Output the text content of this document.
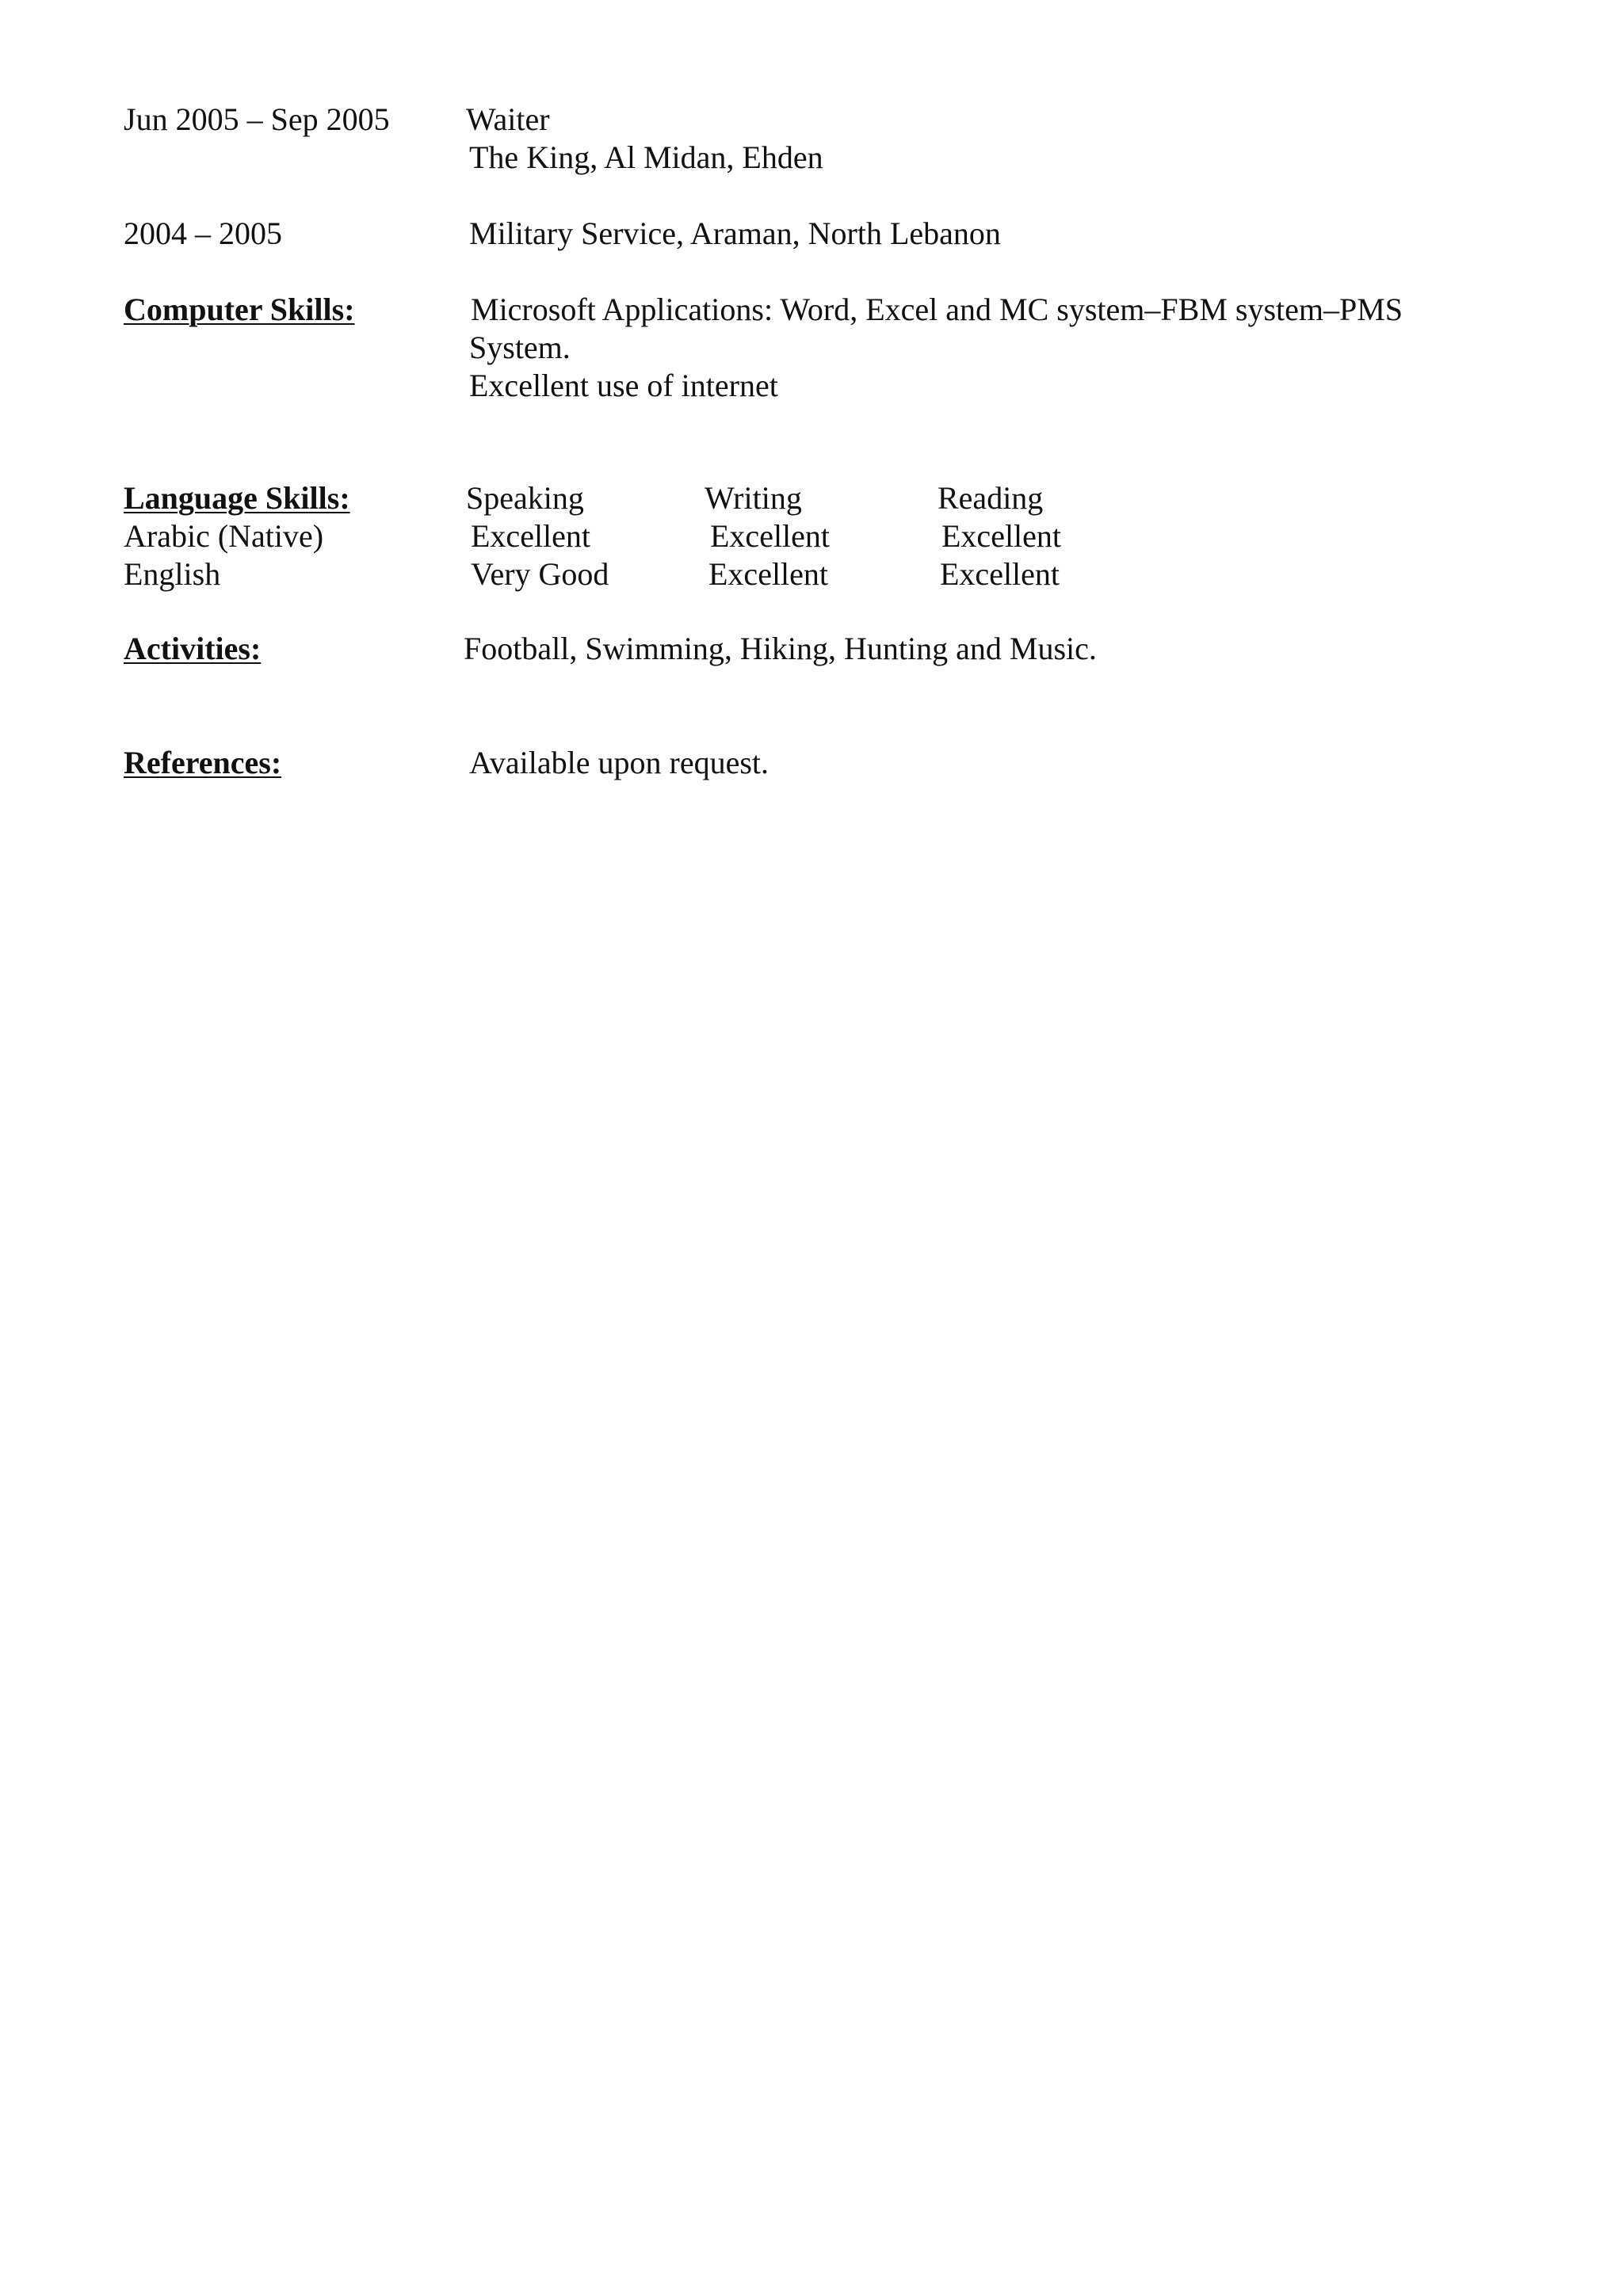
Jun 2005 – Sep 2005 Waiter
The King, Al Midan, Ehden
2004 – 2005	Military Service, Araman, North Lebanon
Computer Skills:	Microsoft Applications: Word, Excel and MC system–FBM system–PMS
System.
Excellent use of internet
Language Skills:	Speaking	Writing	Reading
Arabic (Native)	Excellent	Excellent	Excellent
English	Very Good	Excellent	Excellent
Activities:	Football, Swimming, Hiking, Hunting and Music.
References:	Available upon request.
